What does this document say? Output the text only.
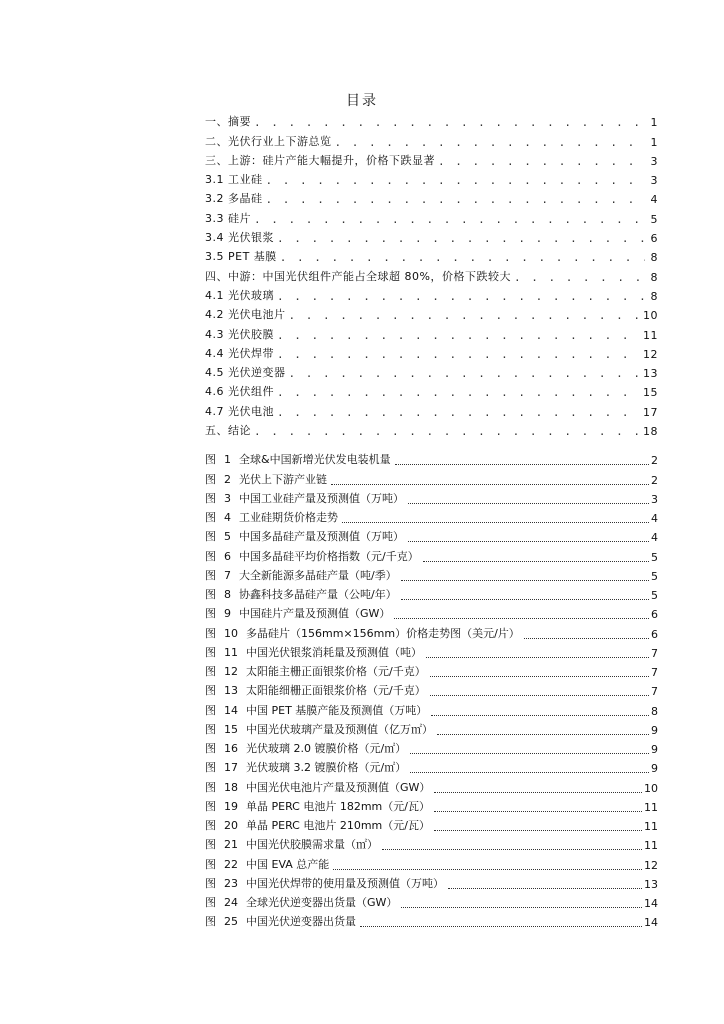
目录
一、摘要 . . .	1
二、光伏行业上下游总览 . . .	1
三、上游：硅片产能大幅提升，价格下跌显著 . . .	3
3.1 工业硅 . . .	3
3.2 多晶硅 . . .	4
3.3 硅片 . . .	5
3.4 光伏银浆 . . .	6
3.5 PET 基膜 . . .	8
四、中游：中国光伏组件产能占全球超 80%，价格下跌较大 . . .	8
4.1 光伏玻璃 . . .	8
4.2 光伏电池片 . . .	10
4.3 光伏胶膜 . . .	11
4.4 光伏焊带 . . .	12
4.5 光伏逆变器 . . .	13
4.6 光伏组件 . . .	15
4.7 光伏电池 . . .	17
五、结论 . . .	18
图 1 全球&中国新增光伏发电装机量	2
图 2 光伏上下游产业链	2
图 3 中国工业硅产量及预测值（万吨）	3
图 4 工业硅期货价格走势	4
图 5 中国多晶硅产量及预测值（万吨）	4
图 6 中国多晶硅平均价格指数（元/千克）	5
图 7 大全新能源多晶硅产量（吨/季）	5
图 8 协鑫科技多晶硅产量（公吨/年）	5
图 9 中国硅片产量及预测值（GW）	6
图 10 多晶硅片（156mm×156mm）价格走势图（美元/片）	6
图 11 中国光伏银浆消耗量及预测值（吨）	7
图 12 太阳能主栅正面银浆价格（元/千克）	7
图 13 太阳能细栅正面银浆价格（元/千克）	7
图 14 中国 PET 基膜产能及预测值（万吨）	8
图 15 中国光伏玻璃产量及预测值（亿万㎡）	9
图 16 光伏玻璃 2.0 镀膜价格（元/㎡）	9
图 17 光伏玻璃 3.2 镀膜价格（元/㎡）	9
图 18 中国光伏电池片产量及预测值（GW）	10
图 19 单晶 PERC 电池片 182mm（元/瓦）	11
图 20 单晶 PERC 电池片 210mm（元/瓦）	11
图 21 中国光伏胶膜需求量（㎡）	11
图 22 中国 EVA 总产能	12
图 23 中国光伏焊带的使用量及预测值（万吨）	13
图 24 全球光伏逆变器出货量（GW）	14
图 25 中国光伏逆变器出货量	14
